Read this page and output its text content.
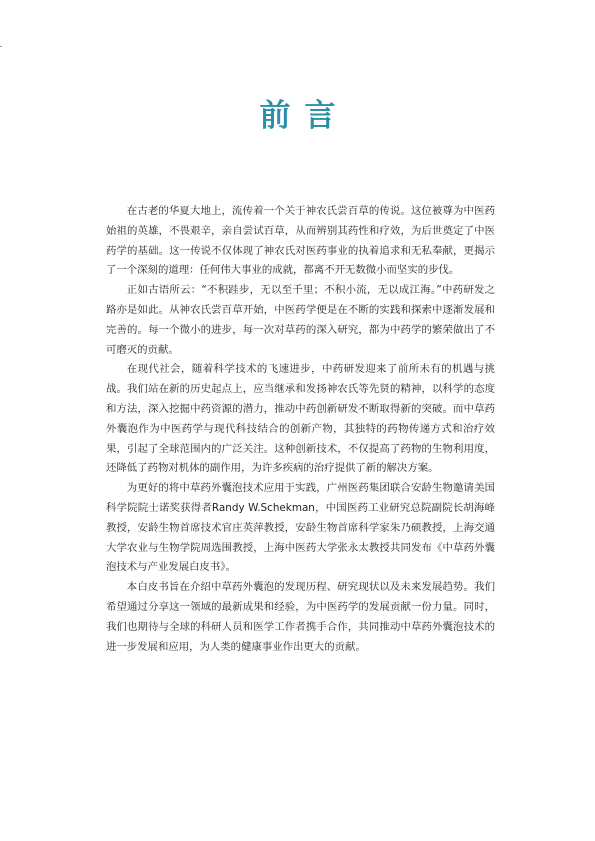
前言

在古老的华夏大地上，流传着一个关于神农氏尝百草的传说。这位被尊为中医药始祖的英雄，不畏艰辛，亲自尝试百草，从而辨别其药性和疗效，为后世奠定了中医药学的基础。这一传说不仅体现了神农氏对医药事业的执着追求和无私奉献，更揭示了一个深刻的道理：任何伟大事业的成就，都离不开无数微小而坚实的步伐。

正如古语所云：“不积跬步，无以至千里；不积小流，无以成江海。”中药研发之路亦是如此。从神农氏尝百草开始，中医药学便是在不断的实践和探索中逐渐发展和完善的。每一个微小的进步，每一次对草药的深入研究，都为中药学的繁荣做出了不可磨灭的贡献。

在现代社会，随着科学技术的飞速进步，中药研发迎来了前所未有的机遇与挑战。我们站在新的历史起点上，应当继承和发扬神农氏等先贤的精神，以科学的态度和方法，深入挖掘中药资源的潜力，推动中药创新研发不断取得新的突破。而中草药外囊泡作为中医药学与现代科技结合的创新产物，其独特的药物传递方式和治疗效果，引起了全球范围内的广泛关注。这种创新技术，不仅提高了药物的生物利用度，还降低了药物对机体的副作用，为许多疾病的治疗提供了新的解决方案。

为更好的将中草药外囊泡技术应用于实践，广州医药集团联合安龄生物邀请美国科学院院士诺奖获得者Randy W.Schekman，中国医药工业研究总院副院长胡海峰教授，安龄生物首席技术官庄英萍教授，安龄生物首席科学家朱乃硕教授，上海交通大学农业与生物学院周选围教授，上海中医药大学张永太教授共同发布《中草药外囊泡技术与产业发展白皮书》。

本白皮书旨在介绍中草药外囊泡的发现历程、研究现状以及未来发展趋势。我们希望通过分享这一领域的最新成果和经验，为中医药学的发展贡献一份力量。同时，我们也期待与全球的科研人员和医学工作者携手合作，共同推动中草药外囊泡技术的进一步发展和应用，为人类的健康事业作出更大的贡献。
